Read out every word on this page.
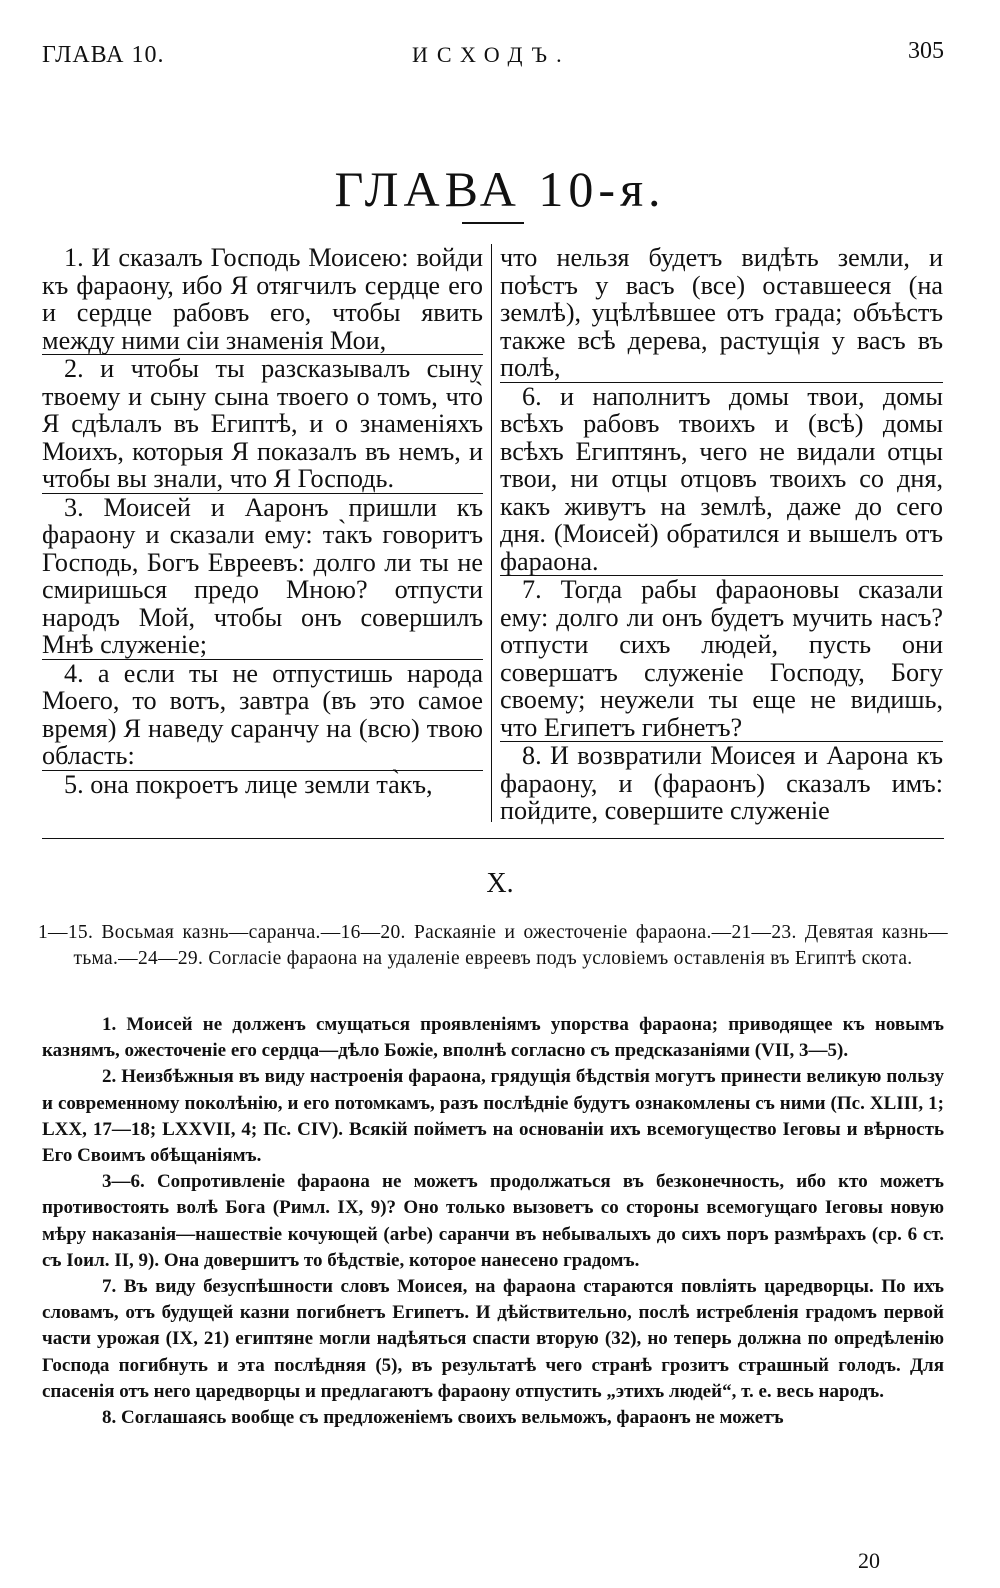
ГЛАВА 10.	ИСХОДЪ.	305
ГЛАВА 10-я.

1. И сказалъ Господь Моисею: войди къ фараону, ибо Я отягчилъ сердце его и сердце рабовъ его, чтобы явить между ними сіи знаменія Мои,

2. и чтобы ты разсказывалъ сыну твоему и сыну сына твоего о томъ, что̀ Я сдѣлалъ въ Египтѣ, и о знаменіяхъ Моихъ, которыя Я показалъ въ немъ, и чтобы вы знали, что Я Господь.

3. Моисей и Ааронъ пришли къ фараону и сказали ему: та̀къ говоритъ Господь, Богъ Евреевъ: долго ли ты не смиришься предо Мною? отпусти народъ Мой, чтобы онъ совершилъ Мнѣ служеніе;

4. а если ты не отпустишь народа Моего, то вотъ, завтра (въ это самое время) Я наведу саранчу на (всю) твою область:

5. она покроетъ лице земли та̀къ,

что нельзя будетъ видѣть земли, и поѣстъ у васъ (все) оставшееся (на землѣ), уцѣлѣвшее отъ града; объѣстъ также всѣ дерева, растущія у васъ въ полѣ,

6. и наполнитъ домы твои, домы всѣхъ рабовъ твоихъ и (всѣ) домы всѣхъ Египтянъ, чего не видали отцы твои, ни отцы отцовъ твоихъ со дня, какъ живутъ на землѣ, даже до сего дня. (Моисей) обратился и вышелъ отъ фараона.

7. Тогда рабы фараоновы сказали ему: долго ли онъ будетъ мучить насъ? отпусти сихъ людей, пусть они совершатъ служеніе Господу, Богу своему; неужели ты еще не видишь, что Египетъ гибнетъ?

8. И возвратили Моисея и Аарона къ фараону, и (фараонъ) сказалъ имъ: пойдите, совершите служеніе

X.
1—15. Восьмая казнь—саранча.—16—20. Раскаяніе и ожесточеніе фараона.—21—23. Девятая казнь—тьма.—24—29. Согласіе фараона на удаленіе евреевъ подъ условіемъ оставленія въ Египтѣ скота.

1. Моисей не долженъ смущаться проявленіямъ упорства фараона; приводящее къ новымъ казнямъ, ожесточеніе его сердца—дѣло Божіе, вполнѣ согласно съ предсказаніями (VII, 3—5).

2. Неизбѣжныя въ виду настроенія фараона, грядущія бѣдствія могутъ принести великую пользу и современному поколѣнію, и его потомкамъ, разъ послѣдніе будутъ ознакомлены съ ними (Пс. XLIII, 1; LXX, 17—18; LXXVII, 4; Пс. CIV). Всякій пойметъ на основаніи ихъ всемогущество Іеговы и вѣрность Его Своимъ обѣщаніямъ.

3—6. Сопротивленіе фараона не можетъ продолжаться въ безконечность, ибо кто можетъ противостоять волѣ Бога (Римл. IX, 9)? Оно только вызоветъ со стороны всемогущаго Іеговы новую мѣру наказанія—нашествіе кочующей (arbe) саранчи въ небывалыхъ до сихъ поръ размѣрахъ (ср. 6 ст. съ Іоил. II, 9). Она довершитъ то бѣдствіе, которое нанесено градомъ.

7. Въ виду безуспѣшности словъ Моисея, на фараона стараются повліять царедворцы. По ихъ словамъ, отъ будущей казни погибнетъ Египетъ. И дѣйствительно, послѣ истребленія градомъ первой части урожая (IX, 21) египтяне могли надѣяться спасти вторую (32), но теперь должна по опредѣленію Господа погибнуть и эта послѣдняя (5), въ результатѣ чего странѣ грозитъ страшный голодъ. Для спасенія отъ него царедворцы и предлагаютъ фараону отпустить „этихъ людей“, т. е. весь народъ.

8. Соглашаясь вообще съ предложеніемъ своихъ вельможъ, фараонъ не можетъ

20
